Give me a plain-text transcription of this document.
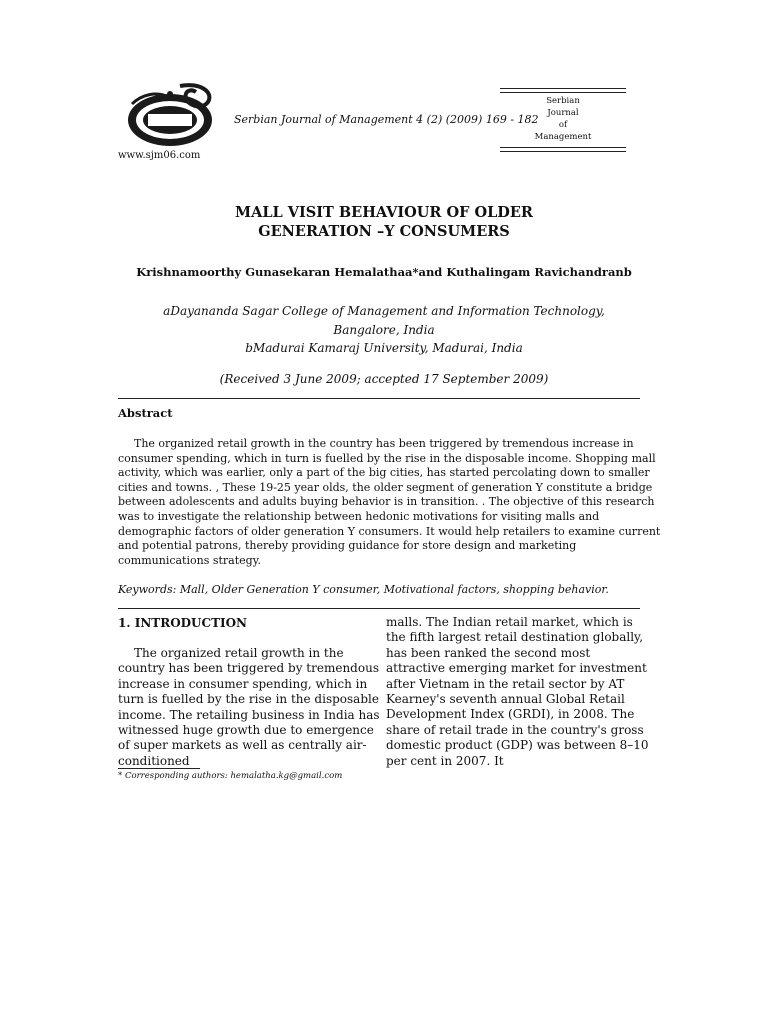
www.sjm06.com
Serbian Journal of Management 4 (2) (2009) 169 - 182
Serbian
Journal
of
Management
MALL VISIT BEHAVIOUR OF OLDER
GENERATION –Y CONSUMERS
Krishnamoorthy Gunasekaran Hemalathaa*and Kuthalingam Ravichandranb
aDayananda Sagar College of Management and Information Technology,
Bangalore, India
bMadurai Kamaraj University, Madurai, India
(Received 3 June 2009; accepted 17 September 2009)
Abstract

The organized retail growth in the country has been triggered by tremendous increase in consumer spending, which in turn is fuelled by the rise in the disposable income. Shopping mall activity, which was earlier, only a part of the big cities, has started percolating down to smaller cities and towns. , These 19-25 year olds, the older segment of generation Y constitute a bridge between adolescents and adults buying behavior is in transition. . The objective of this research was to investigate the relationship between hedonic motivations for visiting malls and demographic factors of older generation Y consumers. It would help retailers to examine current and potential patrons, thereby providing guidance for store design and marketing communications strategy.

Keywords: Mall, Older Generation Y consumer, Motivational factors, shopping behavior.
1. INTRODUCTION

The organized retail growth in the country has been triggered by tremendous increase in consumer spending, which in turn is fuelled by the rise in the disposable income. The retailing business in India has witnessed huge growth due to emergence of super markets as well as centrally air-conditioned

malls. The Indian retail market, which is the fifth largest retail destination globally, has been ranked the second most attractive emerging market for investment after Vietnam in the retail sector by AT Kearney's seventh annual Global Retail Development Index (GRDI), in 2008. The share of retail trade in the country's gross domestic product (GDP) was between 8–10 per cent in 2007. It

* Corresponding authors: hemalatha.kg@gmail.com
